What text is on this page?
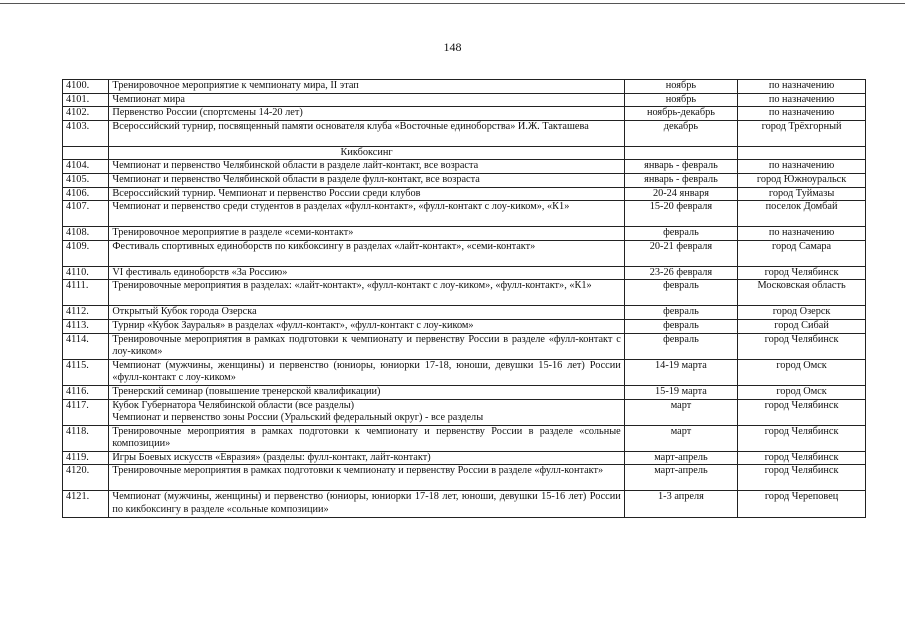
148
4100.	Тренировочное мероприятие к чемпионату мира, II этап	ноябрь	по назначению
4101.	Чемпионат мира	ноябрь	по назначению
4102.	Первенство России (спортсмены 14-20 лет)	ноябрь-декабрь	по назначению
4103.	Всероссийский турнир, посвященный памяти основателя клуба «Восточные единоборства» И.Ж. Такташева	декабрь	город Трёхгорный
	Кикбоксинг		
4104.	Чемпионат и первенство Челябинской области в разделе лайт-контакт, все возраста	январь - февраль	по назначению
4105.	Чемпионат и первенство Челябинской области в разделе фулл-контакт, все возраста	январь - февраль	город Южноуральск
4106.	Всероссийский турнир. Чемпионат и первенство России среди клубов	20-24 января	город Туймазы
4107.	Чемпионат и первенство среди студентов в разделах «фулл-контакт», «фулл-контакт с лоу-киком», «К1»	15-20 февраля	поселок Домбай
4108.	Тренировочное мероприятие в разделе «семи-контакт»	февраль	по назначению
4109.	Фестиваль спортивных единоборств по кикбоксингу в разделах «лайт-контакт», «семи-контакт»	20-21 февраля	город Самара
4110.	VI фестиваль единоборств «За Россию»	23-26 февраля	город Челябинск
4111.	Тренировочные мероприятия в разделах: «лайт-контакт», «фулл-контакт с лоу-киком», «фулл-контакт», «К1»	февраль	Московская область
4112.	Открытый Кубок города Озерска	февраль	город Озерск
4113.	Турнир «Кубок Зауралья» в разделах «фулл-контакт», «фулл-контакт с лоу-киком»	февраль	город Сибай
4114.	Тренировочные мероприятия в рамках подготовки к чемпионату и первенству России в разделе «фулл-контакт с лоу-киком»	февраль	город Челябинск
4115.	Чемпионат (мужчины, женщины) и первенство (юниоры, юниорки 17-18, юноши, девушки 15-16 лет) России «фулл-контакт с лоу-киком»	14-19 марта	город Омск
4116.	Тренерский семинар (повышение тренерской квалификации)	15-19 марта	город Омск
4117.	Кубок Губернатора Челябинской области (все разделы)
Чемпионат и первенство зоны России (Уральский федеральный округ) - все разделы	март	город Челябинск
4118.	Тренировочные мероприятия в рамках подготовки к чемпионату и первенству России в разделе «сольные композиции»	март	город Челябинск
4119.	Игры Боевых искусств «Евразия» (разделы: фулл-контакт, лайт-контакт)	март-апрель	город Челябинск
4120.	Тренировочные мероприятия в рамках подготовки к чемпионату и первенству России в разделе «фулл-контакт»	март-апрель	город Челябинск
4121.	Чемпионат (мужчины, женщины) и первенство (юниоры, юниорки 17-18 лет, юноши, девушки 15-16 лет) России по кикбоксингу в разделе «сольные композиции»	1-3 апреля	город Череповец
